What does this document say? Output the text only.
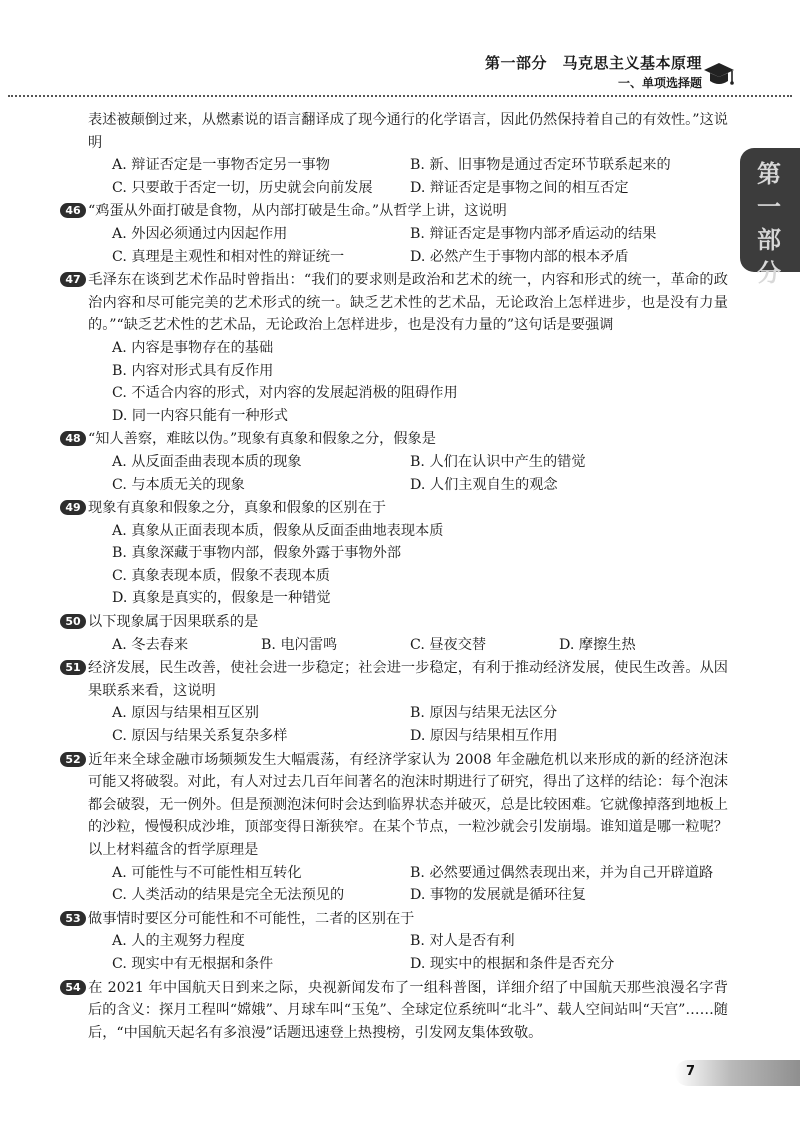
第一部分　马克思主义基本原理
一、单项选择题
第一
部分

表述被颠倒过来，从燃素说的语言翻译成了现今通行的化学语言，因此仍然保持着自己的有效性。”这说明

A. 辩证否定是一事物否定另一事物	B. 新、旧事物是通过否定环节联系起来的
C. 只要敢于否定一切，历史就会向前发展	D. 辩证否定是事物之间的相互否定

46 “鸡蛋从外面打破是食物，从内部打破是生命。”从哲学上讲，这说明

A. 外因必须通过内因起作用	B. 辩证否定是事物内部矛盾运动的结果
C. 真理是主观性和相对性的辩证统一	D. 必然产生于事物内部的根本矛盾

47 毛泽东在谈到艺术作品时曾指出：“我们的要求则是政治和艺术的统一，内容和形式的统一，革命的政治内容和尽可能完美的艺术形式的统一。缺乏艺术性的艺术品，无论政治上怎样进步，也是没有力量的。”“缺乏艺术性的艺术品，无论政治上怎样进步，也是没有力量的”这句话是要强调

A. 内容是事物存在的基础
B. 内容对形式具有反作用
C. 不适合内容的形式，对内容的发展起消极的阻碍作用
D. 同一内容只能有一种形式

48 “知人善察，难眩以伪。”现象有真象和假象之分，假象是

A. 从反面歪曲表现本质的现象	B. 人们在认识中产生的错觉
C. 与本质无关的现象	D. 人们主观自生的观念

49 现象有真象和假象之分，真象和假象的区别在于

A. 真象从正面表现本质，假象从反面歪曲地表现本质
B. 真象深藏于事物内部，假象外露于事物外部
C. 真象表现本质，假象不表现本质
D. 真象是真实的，假象是一种错觉

50 以下现象属于因果联系的是

A. 冬去春来	B. 电闪雷鸣	C. 昼夜交替	D. 摩擦生热

51 经济发展，民生改善，使社会进一步稳定；社会进一步稳定，有利于推动经济发展，使民生改善。从因果联系来看，这说明

A. 原因与结果相互区别	B. 原因与结果无法区分
C. 原因与结果关系复杂多样	D. 原因与结果相互作用

52 近年来全球金融市场频频发生大幅震荡，有经济学家认为 2008 年金融危机以来形成的新的经济泡沫可能又将破裂。对此，有人对过去几百年间著名的泡沫时期进行了研究，得出了这样的结论：每个泡沫都会破裂，无一例外。但是预测泡沫何时会达到临界状态并破灭，总是比较困难。它就像掉落到地板上的沙粒，慢慢积成沙堆，顶部变得日渐狭窄。在某个节点，一粒沙就会引发崩塌。谁知道是哪一粒呢？以上材料蕴含的哲学原理是

A. 可能性与不可能性相互转化	B. 必然要通过偶然表现出来，并为自己开辟道路
C. 人类活动的结果是完全无法预见的	D. 事物的发展就是循环往复

53 做事情时要区分可能性和不可能性，二者的区别在于

A. 人的主观努力程度	B. 对人是否有利
C. 现实中有无根据和条件	D. 现实中的根据和条件是否充分

54 在 2021 年中国航天日到来之际，央视新闻发布了一组科普图，详细介绍了中国航天那些浪漫名字背后的含义：探月工程叫“嫦娥”、月球车叫“玉兔”、全球定位系统叫“北斗”、载人空间站叫“天宫”……随后，“中国航天起名有多浪漫”话题迅速登上热搜榜，引发网友集体致敬。

7
